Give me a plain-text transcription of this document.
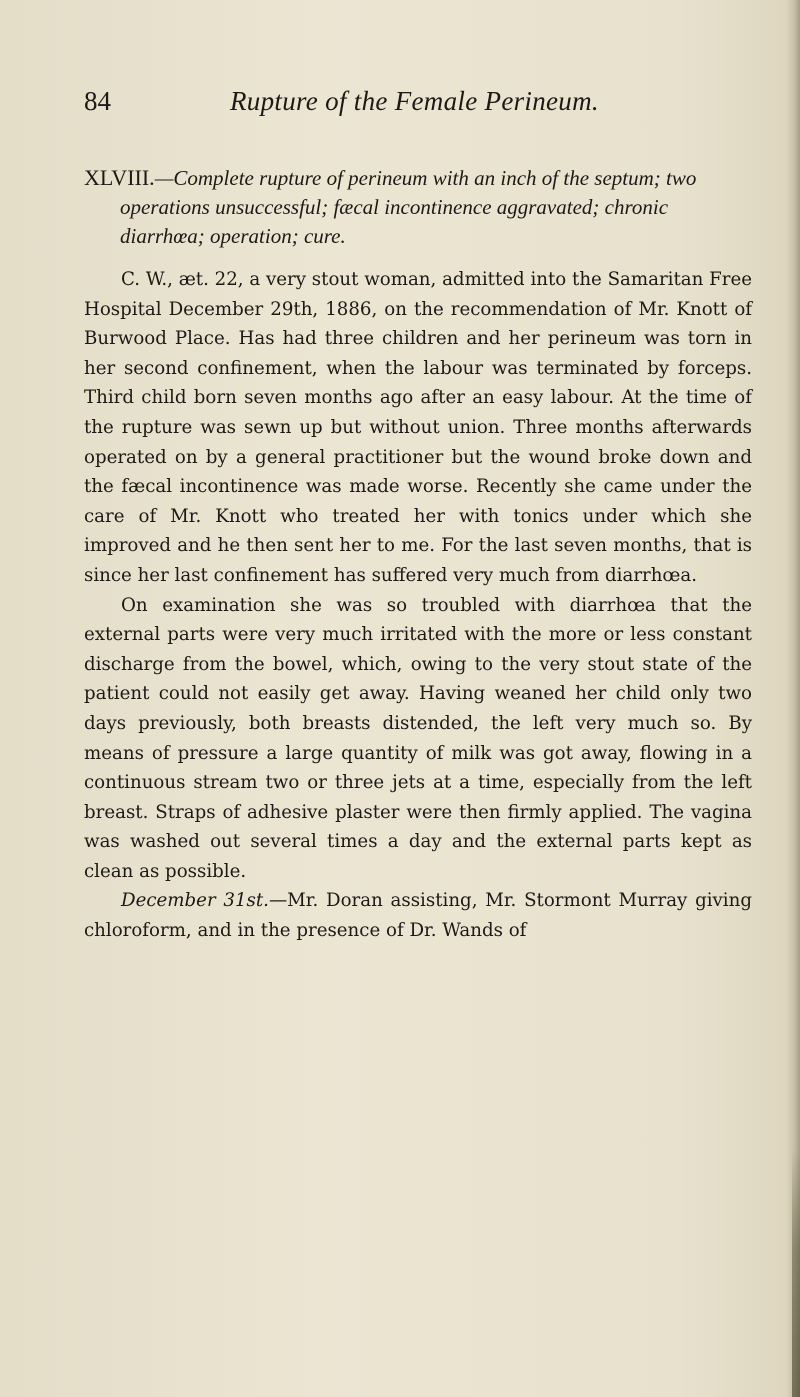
84	Rupture of the Female Perineum.

XLVIII.—Complete rupture of perineum with an inch of the septum; two operations unsuccessful; fæcal incontinence aggravated; chronic diarrhœa; operation; cure.

C. W., æt. 22, a very stout woman, admitted into the Samaritan Free Hospital December 29th, 1886, on the recommendation of Mr. Knott of Burwood Place. Has had three children and her perineum was torn in her second confinement, when the labour was terminated by forceps. Third child born seven months ago after an easy labour. At the time of the rupture was sewn up but without union. Three months afterwards operated on by a general practitioner but the wound broke down and the fæcal incontinence was made worse. Recently she came under the care of Mr. Knott who treated her with tonics under which she improved and he then sent her to me. For the last seven months, that is since her last confinement has suffered very much from diarrhœa.

On examination she was so troubled with diarrhœa that the external parts were very much irritated with the more or less constant discharge from the bowel, which, owing to the very stout state of the patient could not easily get away. Having weaned her child only two days previously, both breasts distended, the left very much so. By means of pressure a large quantity of milk was got away, flowing in a continuous stream two or three jets at a time, especially from the left breast. Straps of adhesive plaster were then firmly applied. The vagina was washed out several times a day and the external parts kept as clean as possible.

December 31st.—Mr. Doran assisting, Mr. Stormont Murray giving chloroform, and in the presence of Dr. Wands of
